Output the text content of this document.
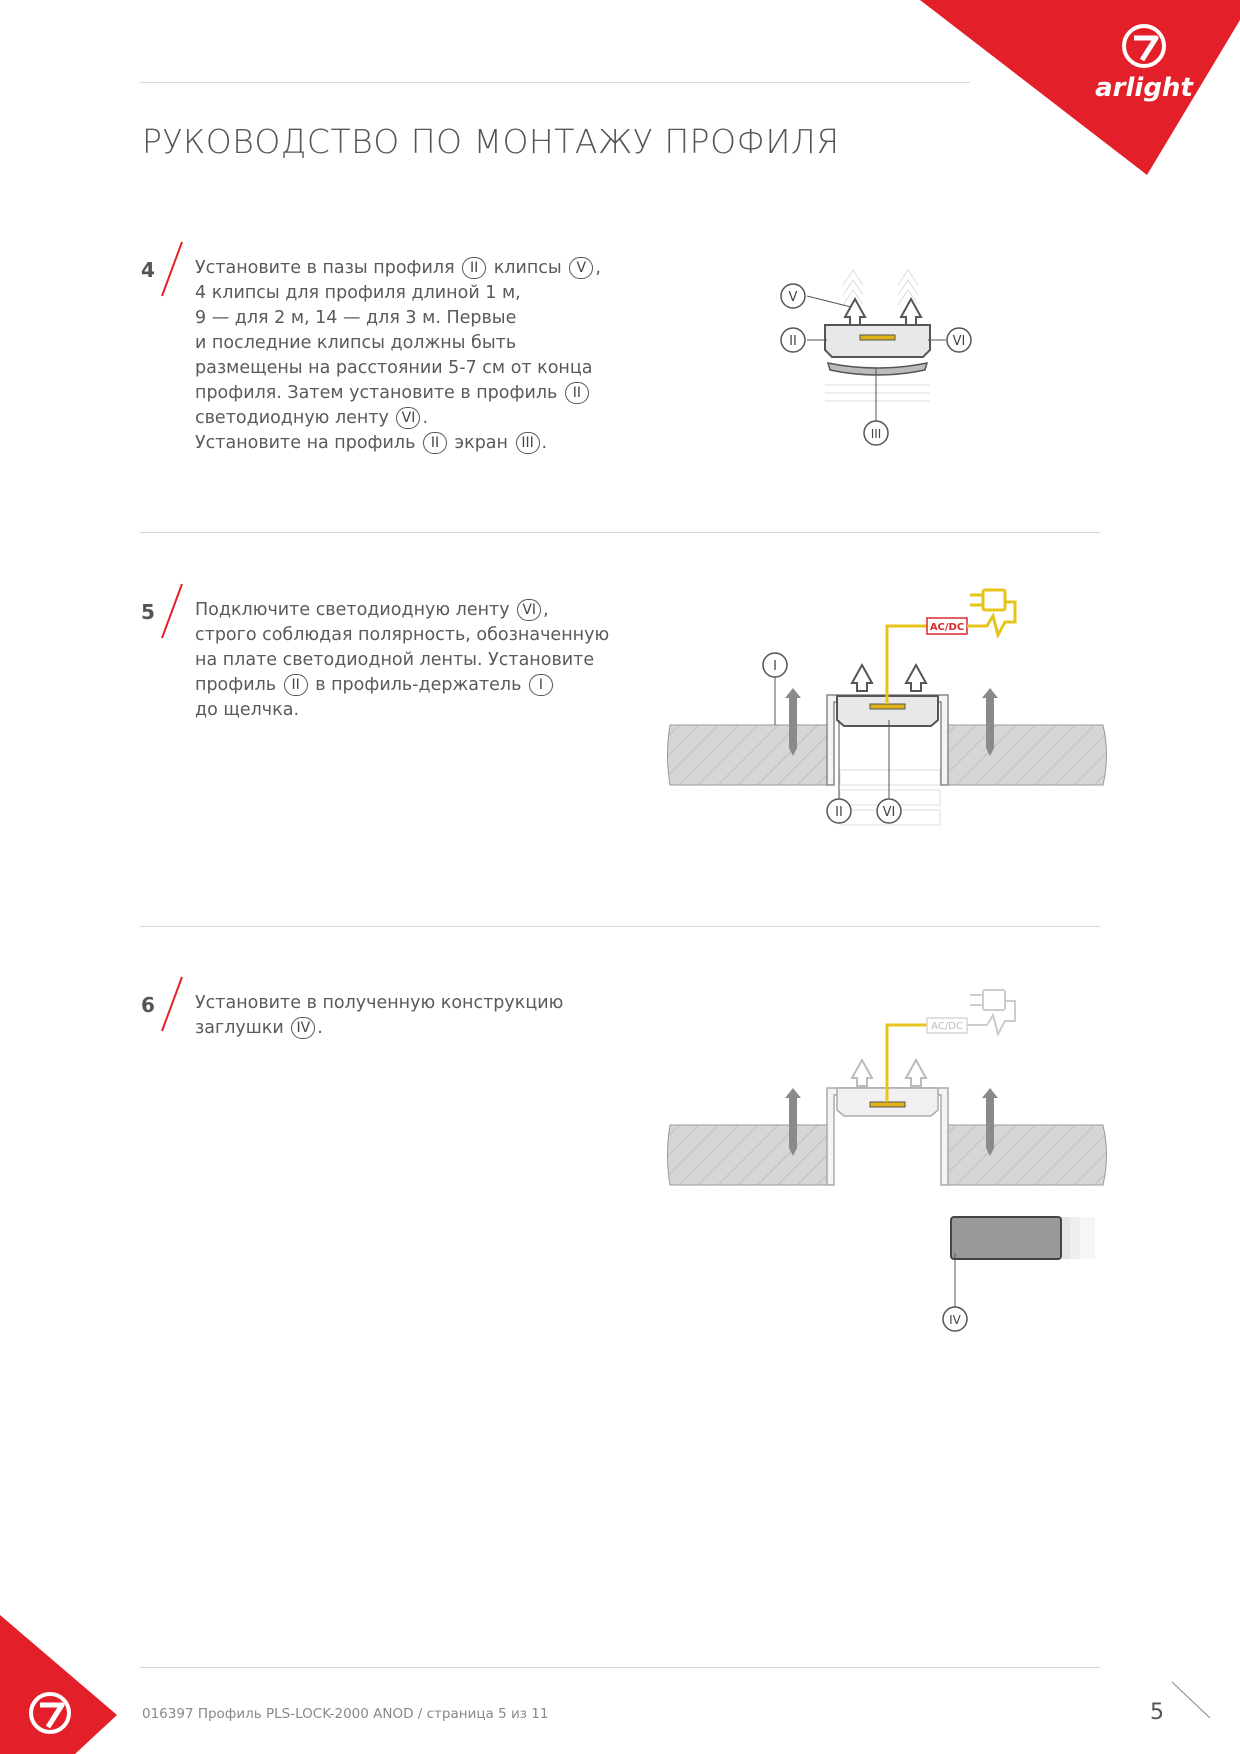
arlight
РУКОВОДСТВО ПО МОНТАЖУ ПРОФИЛЯ
4 Установите в пазы профиля II клипсы V ,
4 клипсы для профиля длиной 1 м,
9 — для 2 м, 14 — для 3 м. Первые
и последние клипсы должны быть
размещены на расстоянии 5-7 см от конца
профиля. Затем установите в профиль II
светодиодную ленту VI .
Установите на профиль II экран III .
V
II	VI
III
5 Подключите светодиодную ленту VI ,
строго соблюдая полярность, обозначенную
на плате светодиодной ленты. Установите
профиль II в профиль-держатель I
до щелчка.
AC/DC
I
II	VI
6 Установите в полученную конструкцию
заглушки IV .	AC/DC
IV
016397 Профиль PLS-LOCK-2000 ANOD / страница 5 из 11	5
